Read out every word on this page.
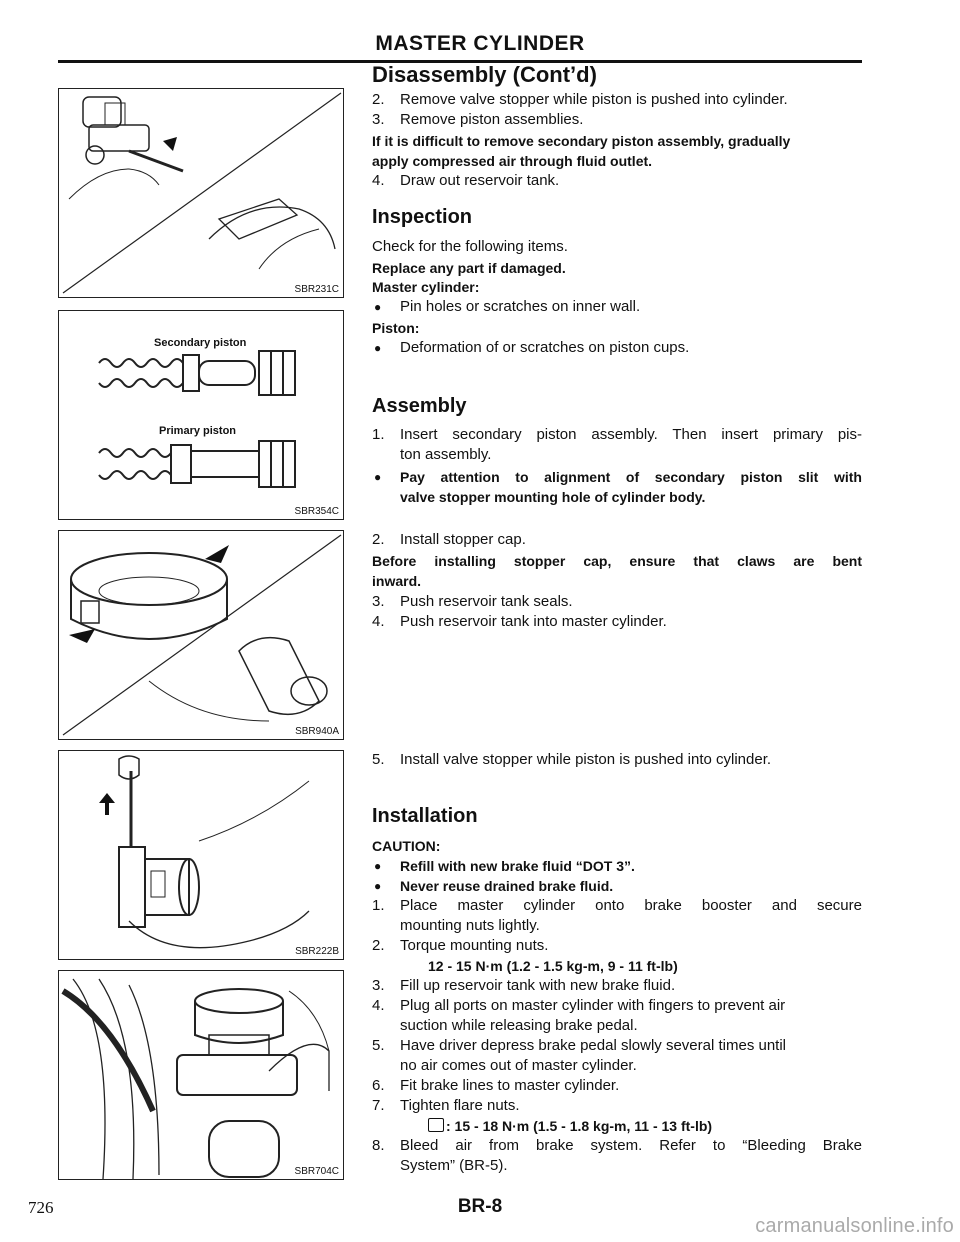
MASTER CYLINDER
Disassembly (Cont’d)
SBR231C
Secondary piston
Primary piston
SBR354C
SBR940A
SBR222B
SBR704C
2.	Remove valve stopper while piston is pushed into cylinder.
3.	Remove piston assemblies.
If it is difficult to remove secondary piston assembly, gradually
apply compressed air through fluid outlet.
4.	Draw out reservoir tank.
Inspection
Check for the following items.
Replace any part if damaged.
Master cylinder:
● Pin holes or scratches on inner wall.
Piston:
● Deformation of or scratches on piston cups.
Assembly
1.	Insert secondary piston assembly. Then insert primary pis-
ton assembly.
● Pay attention to alignment of secondary piston slit with
valve stopper mounting hole of cylinder body.
2.	Install stopper cap.
Before installing stopper cap, ensure that claws are bent
inward.
3.	Push reservoir tank seals.
4.	Push reservoir tank into master cylinder.
5.	Install valve stopper while piston is pushed into cylinder.
Installation
CAUTION:
● Refill with new brake fluid “DOT 3”.
● Never reuse drained brake fluid.
1.	Place master cylinder onto brake booster and secure
mounting nuts lightly.
2.	Torque mounting nuts.
12 - 15 N·m (1.2 - 1.5 kg-m, 9 - 11 ft-lb)
3.	Fill up reservoir tank with new brake fluid.
4.	Plug all ports on master cylinder with fingers to prevent air
suction while releasing brake pedal.
5.	Have driver depress brake pedal slowly several times until
no air comes out of master cylinder.
6.	Fit brake lines to master cylinder.
7.	Tighten flare nuts.
: 15 - 18 N·m (1.5 - 1.8 kg-m, 11 - 13 ft-lb)
8.	Bleed air from brake system. Refer to “Bleeding Brake
System” (BR-5).
726	BR-8
carmanualsonline.info
